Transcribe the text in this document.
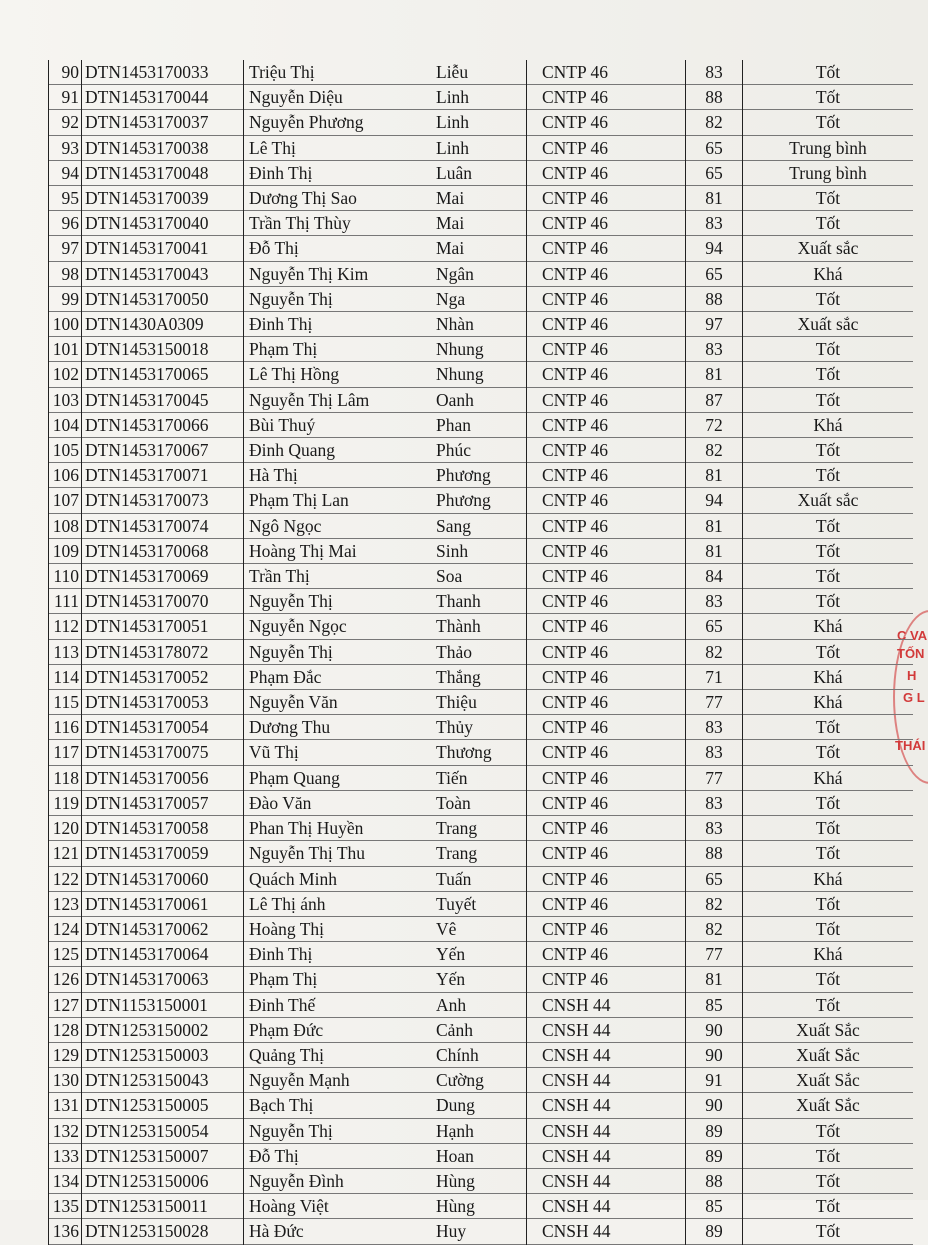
C VA
TỐN
H
G L
THÁI
90	DTN1453170033	Triệu Thị	Liễu	CNTP 46	83	Tốt
91	DTN1453170044	Nguyễn Diệu	Linh	CNTP 46	88	Tốt
92	DTN1453170037	Nguyễn Phương	Linh	CNTP 46	82	Tốt
93	DTN1453170038	Lê Thị	Linh	CNTP 46	65	Trung bình
94	DTN1453170048	Đinh Thị	Luân	CNTP 46	65	Trung bình
95	DTN1453170039	Dương Thị Sao	Mai	CNTP 46	81	Tốt
96	DTN1453170040	Trần Thị Thùy	Mai	CNTP 46	83	Tốt
97	DTN1453170041	Đỗ Thị	Mai	CNTP 46	94	Xuất sắc
98	DTN1453170043	Nguyễn Thị Kim	Ngân	CNTP 46	65	Khá
99	DTN1453170050	Nguyễn Thị	Nga	CNTP 46	88	Tốt
100	DTN1430A0309	Đinh Thị	Nhàn	CNTP 46	97	Xuất sắc
101	DTN1453150018	Phạm Thị	Nhung	CNTP 46	83	Tốt
102	DTN1453170065	Lê Thị Hồng	Nhung	CNTP 46	81	Tốt
103	DTN1453170045	Nguyễn Thị Lâm	Oanh	CNTP 46	87	Tốt
104	DTN1453170066	Bùi Thuý	Phan	CNTP 46	72	Khá
105	DTN1453170067	Đinh Quang	Phúc	CNTP 46	82	Tốt
106	DTN1453170071	Hà Thị	Phương	CNTP 46	81	Tốt
107	DTN1453170073	Phạm Thị Lan	Phương	CNTP 46	94	Xuất sắc
108	DTN1453170074	Ngô Ngọc	Sang	CNTP 46	81	Tốt
109	DTN1453170068	Hoàng Thị Mai	Sinh	CNTP 46	81	Tốt
110	DTN1453170069	Trần Thị	Soa	CNTP 46	84	Tốt
111	DTN1453170070	Nguyễn Thị	Thanh	CNTP 46	83	Tốt
112	DTN1453170051	Nguyễn Ngọc	Thành	CNTP 46	65	Khá
113	DTN1453178072	Nguyễn Thị	Thảo	CNTP 46	82	Tốt
114	DTN1453170052	Phạm Đắc	Thắng	CNTP 46	71	Khá
115	DTN1453170053	Nguyễn Văn	Thiệu	CNTP 46	77	Khá
116	DTN1453170054	Dương Thu	Thủy	CNTP 46	83	Tốt
117	DTN1453170075	Vũ Thị	Thương	CNTP 46	83	Tốt
118	DTN1453170056	Phạm Quang	Tiến	CNTP 46	77	Khá
119	DTN1453170057	Đào Văn	Toàn	CNTP 46	83	Tốt
120	DTN1453170058	Phan Thị Huyền	Trang	CNTP 46	83	Tốt
121	DTN1453170059	Nguyễn Thị Thu	Trang	CNTP 46	88	Tốt
122	DTN1453170060	Quách Minh	Tuấn	CNTP 46	65	Khá
123	DTN1453170061	Lê Thị ánh	Tuyết	CNTP 46	82	Tốt
124	DTN1453170062	Hoàng Thị	Vê	CNTP 46	82	Tốt
125	DTN1453170064	Đinh Thị	Yến	CNTP 46	77	Khá
126	DTN1453170063	Phạm Thị	Yến	CNTP 46	81	Tốt
127	DTN1153150001	Đinh Thế	Anh	CNSH 44	85	Tốt
128	DTN1253150002	Phạm Đức	Cảnh	CNSH 44	90	Xuất Sắc
129	DTN1253150003	Quảng Thị	Chính	CNSH 44	90	Xuất Sắc
130	DTN1253150043	Nguyễn Mạnh	Cường	CNSH 44	91	Xuất Sắc
131	DTN1253150005	Bạch Thị	Dung	CNSH 44	90	Xuất Sắc
132	DTN1253150054	Nguyễn Thị	Hạnh	CNSH 44	89	Tốt
133	DTN1253150007	Đỗ Thị	Hoan	CNSH 44	89	Tốt
134	DTN1253150006	Nguyễn Đình	Hùng	CNSH 44	88	Tốt
135	DTN1253150011	Hoàng Việt	Hùng	CNSH 44	85	Tốt
136	DTN1253150028	Hà Đức	Huy	CNSH 44	89	Tốt
